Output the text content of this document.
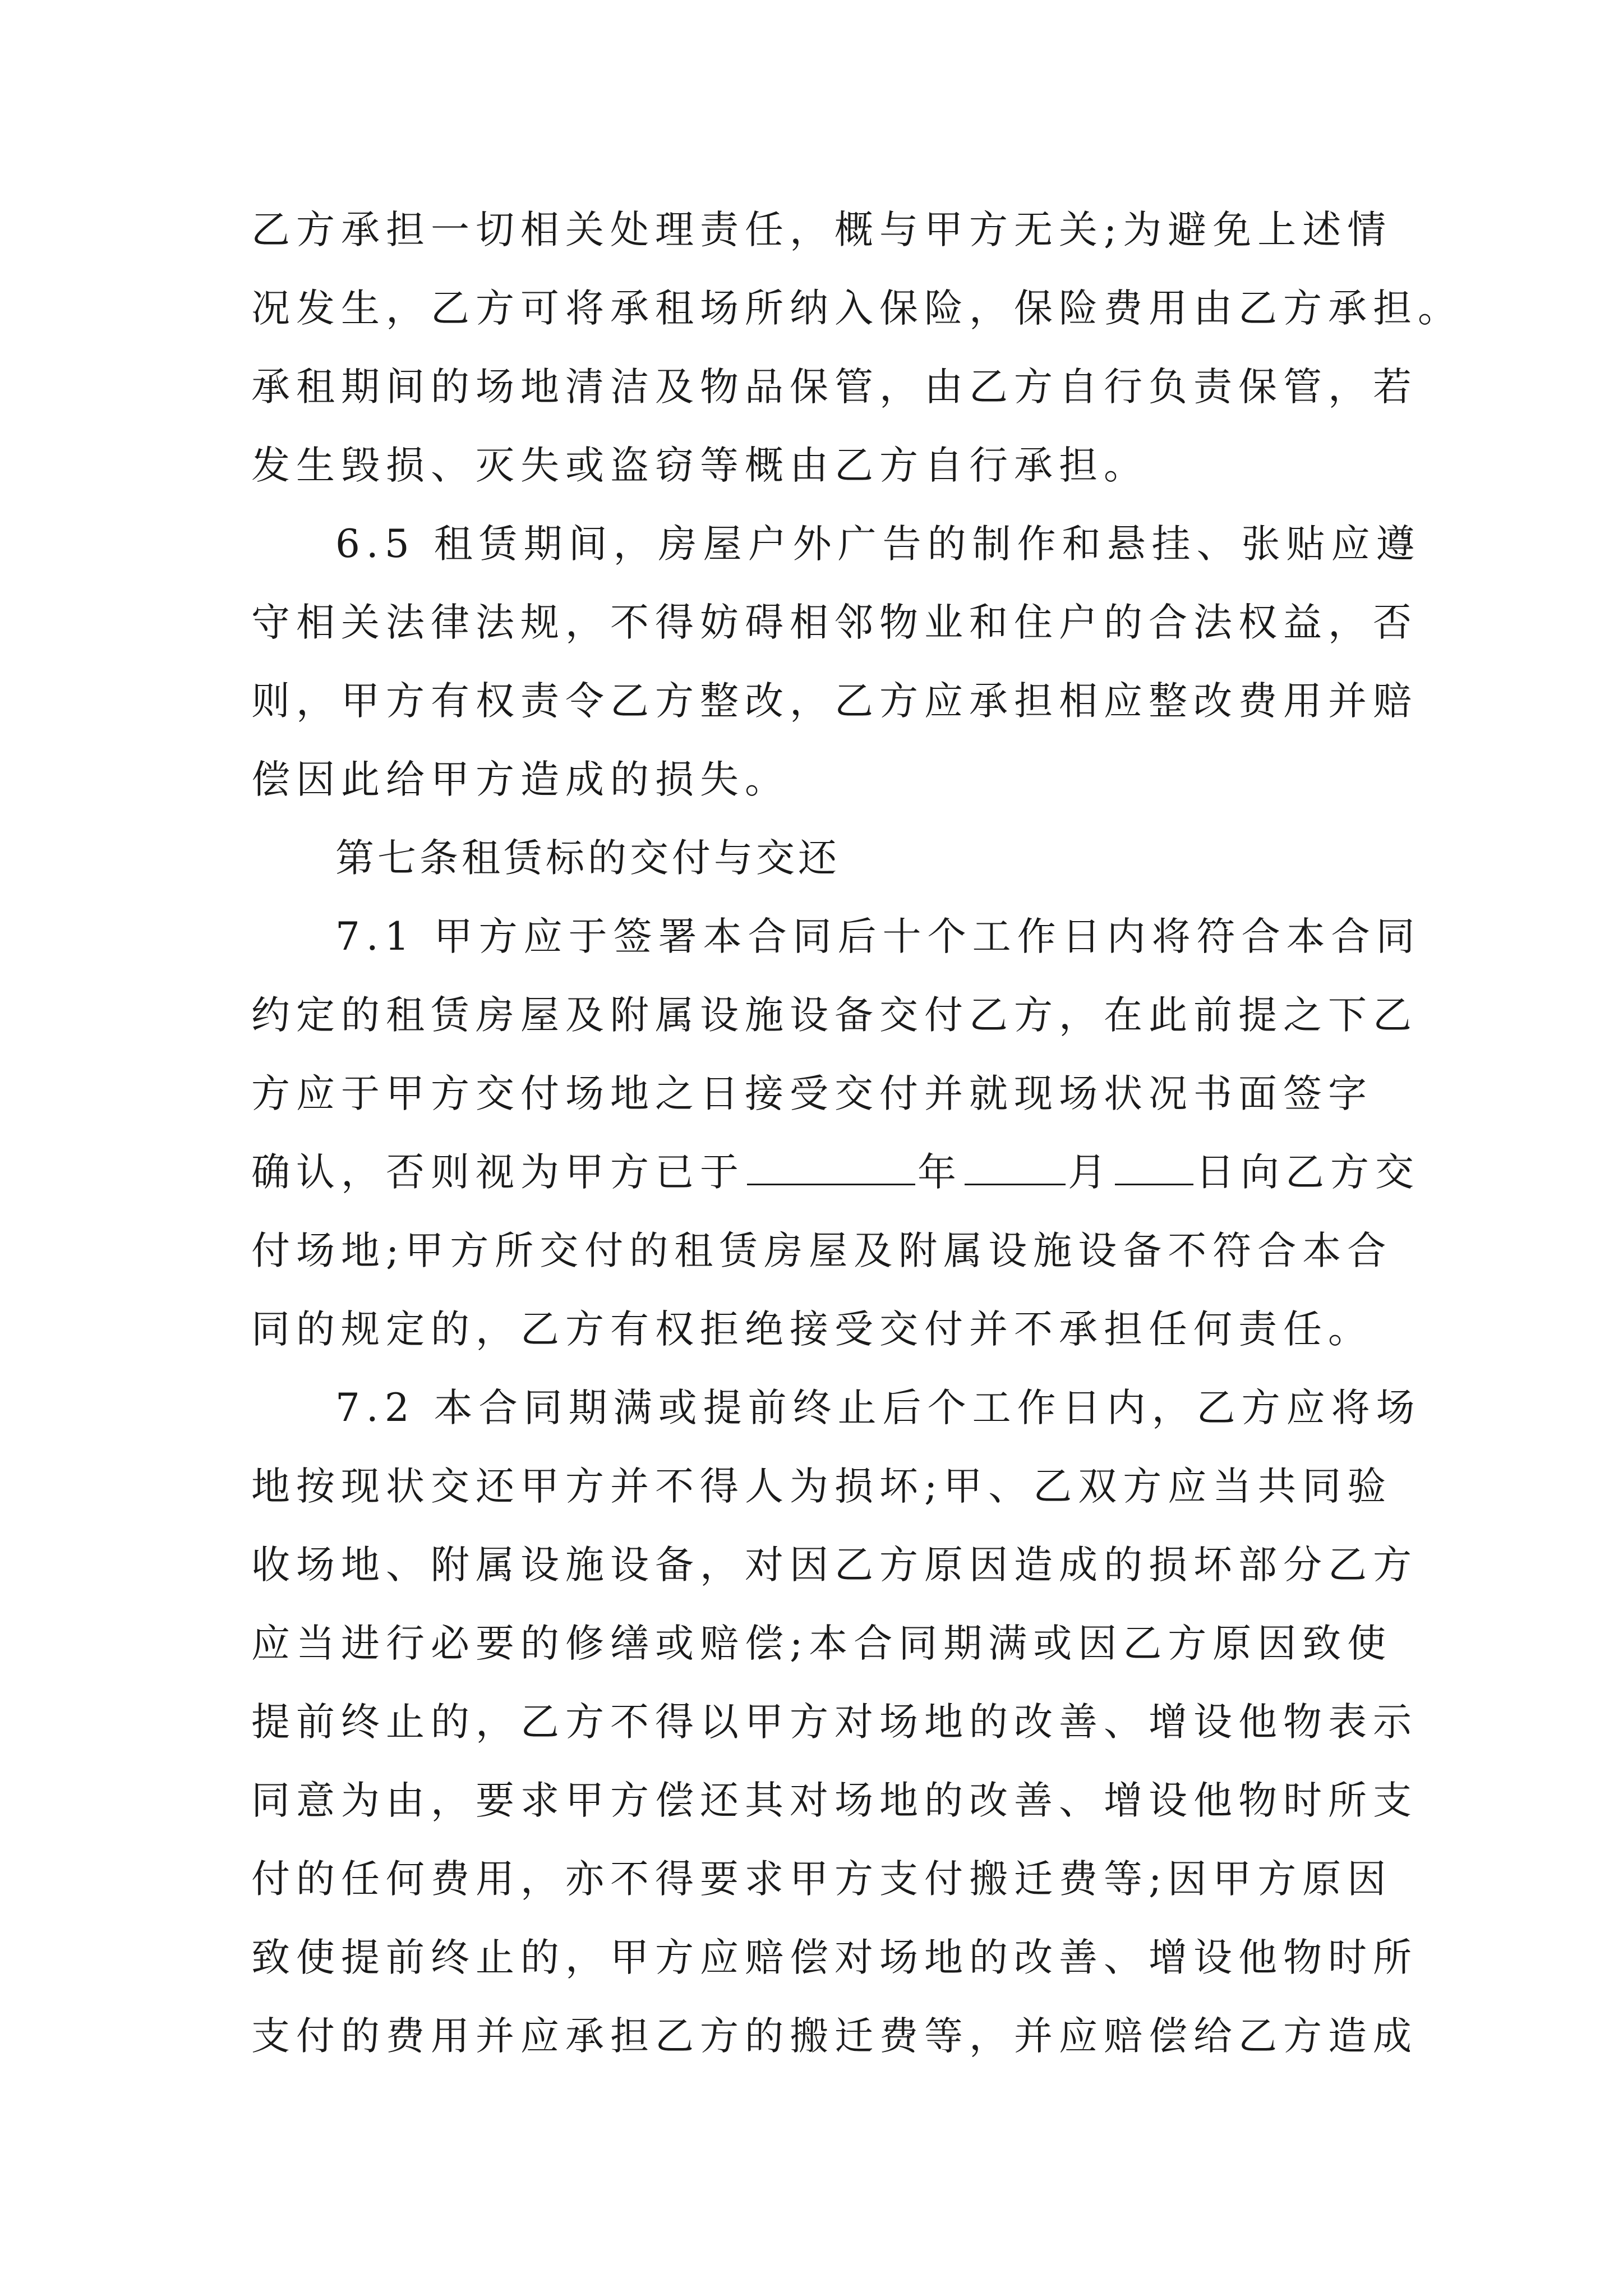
乙方承担一切相关处理责任，概与甲方无关;为避免上述情
况发生，乙方可将承租场所纳入保险，保险费用由乙方承担。
承租期间的场地清洁及物品保管，由乙方自行负责保管，若
发生毁损、灭失或盗窃等概由乙方自行承担。
6.5 租赁期间，房屋户外广告的制作和悬挂、张贴应遵
守相关法律法规，不得妨碍相邻物业和住户的合法权益，否
则，甲方有权责令乙方整改，乙方应承担相应整改费用并赔
偿因此给甲方造成的损失。
第七条租赁标的交付与交还
7.1 甲方应于签署本合同后十个工作日内将符合本合同
约定的租赁房屋及附属设施设备交付乙方，在此前提之下乙
方应于甲方交付场地之日接受交付并就现场状况书面签字
确认，否则视为甲方已于	年	月 日向乙方交
付场地;甲方所交付的租赁房屋及附属设施设备不符合本合
同的规定的，乙方有权拒绝接受交付并不承担任何责任。
7.2 本合同期满或提前终止后个工作日内，乙方应将场
地按现状交还甲方并不得人为损坏;甲、乙双方应当共同验
收场地、附属设施设备，对因乙方原因造成的损坏部分乙方
应当进行必要的修缮或赔偿;本合同期满或因乙方原因致使
提前终止的，乙方不得以甲方对场地的改善、增设他物表示
同意为由，要求甲方偿还其对场地的改善、增设他物时所支
付的任何费用，亦不得要求甲方支付搬迁费等;因甲方原因
致使提前终止的，甲方应赔偿对场地的改善、增设他物时所
支付的费用并应承担乙方的搬迁费等，并应赔偿给乙方造成
